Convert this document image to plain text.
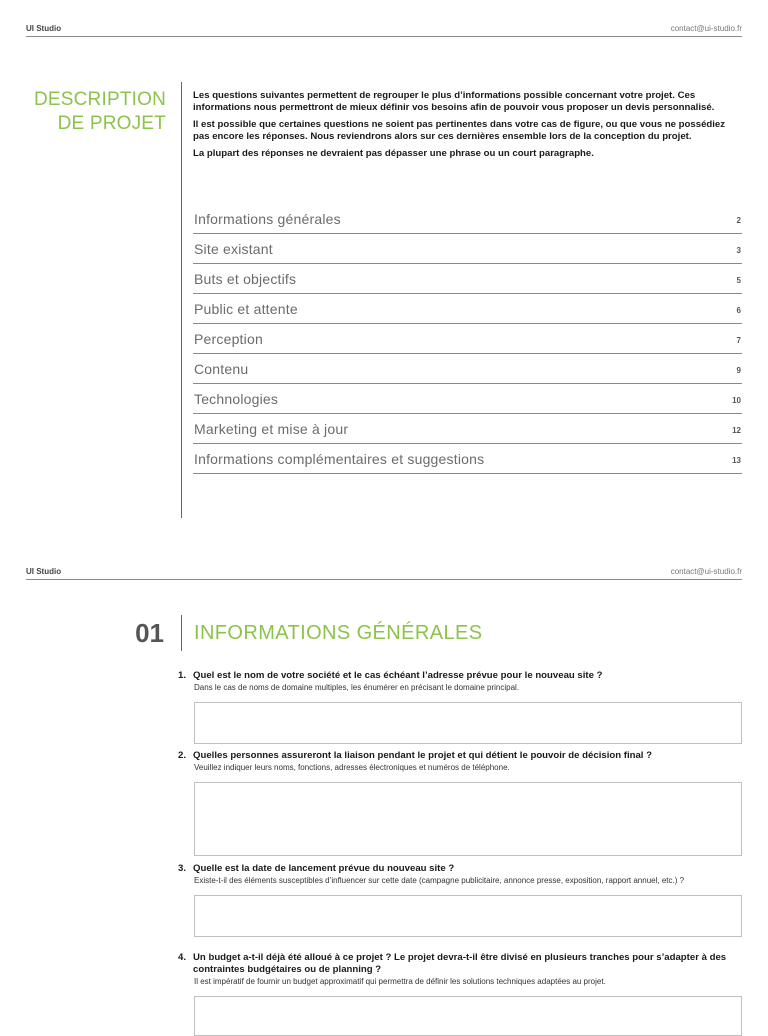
UI Studio	contact@ui-studio.fr
DESCRIPTION
DE PROJET

Les questions suivantes permettent de regrouper le plus d’informations possible concernant votre projet. Ces informations nous permettront de mieux définir vos besoins afin de pouvoir vous proposer un devis personnalisé.

Il est possible que certaines questions ne soient pas pertinentes dans votre cas de figure, ou que vous ne possédiez pas encore les réponses. Nous reviendrons alors sur ces dernières ensemble lors de la conception du projet.

La plupart des réponses ne devraient pas dépasser une phrase ou un court paragraphe.

Informations générales	2
Site existant	3
Buts et objectifs	5
Public et attente	6
Perception	7
Contenu	9
Technologies	10
Marketing et mise à jour	12
Informations complémentaires et suggestions	13
UI Studio	contact@ui-studio.fr
01 INFORMATIONS GÉNÉRALES
1. Quel est le nom de votre société et le cas échéant l’adresse prévue pour le nouveau site ?
Dans le cas de noms de domaine multiples, les énumérer en précisant le domaine principal.
2. Quelles personnes assureront la liaison pendant le projet et qui détient le pouvoir de décision final ?
Veuillez indiquer leurs noms, fonctions, adresses électroniques et numéros de téléphone.
3. Quelle est la date de lancement prévue du nouveau site ?
Existe-t-il des éléments susceptibles d’influencer sur cette date (campagne publicitaire, annonce presse, exposition, rapport annuel, etc.) ?
4. Un budget a-t-il déjà été alloué à ce projet ? Le projet devra-t-il être divisé en plusieurs tranches pour s’adapter à des contraintes budgétaires ou de planning ?
Il est impératif de fournir un budget approximatif qui permettra de définir les solutions techniques adaptées au projet.
